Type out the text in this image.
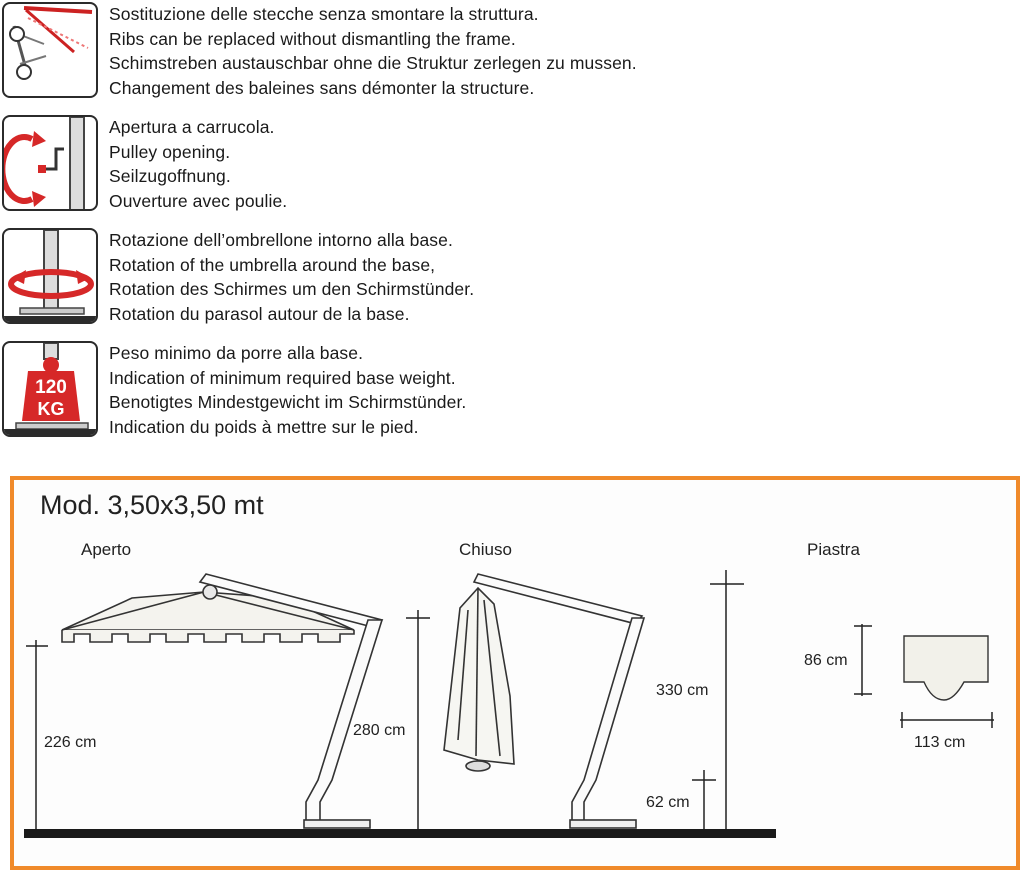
Sostituzione delle stecche senza smontare la struttura.
Ribs can be replaced without dismantling the frame.
Schimstreben austauschbar ohne die Struktur zerlegen zu mussen.
Changement des baleines sans démonter la structure.
Apertura a carrucola.
Pulley opening.
Seilzugoffnung.
Ouverture avec poulie.
Rotazione dell’ombrellone intorno alla base.
Rotation of the umbrella around the base,
Rotation des Schirmes um den Schirmstünder.
Rotation du parasol autour de la base.
120
KG
Peso minimo da porre alla base.
Indication of minimum required base weight.
Benotigtes Mindestgewicht im Schirmstünder.
Indication du poids à mettre sur le pied.
Mod. 3,50x3,50 mt
Aperto	Chiuso	Piastra
226 cm
280 cm
330 cm
62 cm
86 cm
113 cm
